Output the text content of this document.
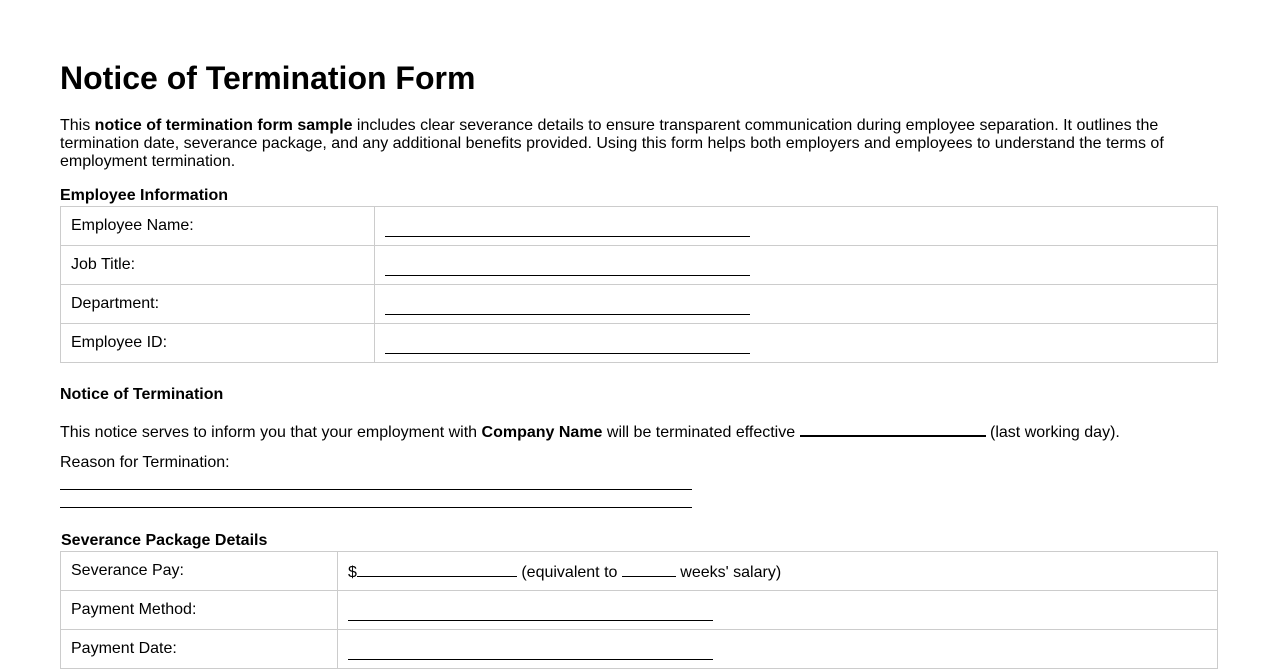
Notice of Termination Form

This notice of termination form sample includes clear severance details to ensure transparent communication during employee separation. It outlines the termination date, severance package, and any additional benefits provided. Using this form helps both employers and employees to understand the terms of employment termination.

Employee Information
Employee Name:	
Job Title:	
Department:	
Employee ID:	
Notice of Termination

This notice serves to inform you that your employment with Company Name will be terminated effective	(last working day).

Reason for Termination:

Severance Package Details
Severance Pay:	$ (equivalent to weeks' salary)
Payment Method:	
Payment Date:	
